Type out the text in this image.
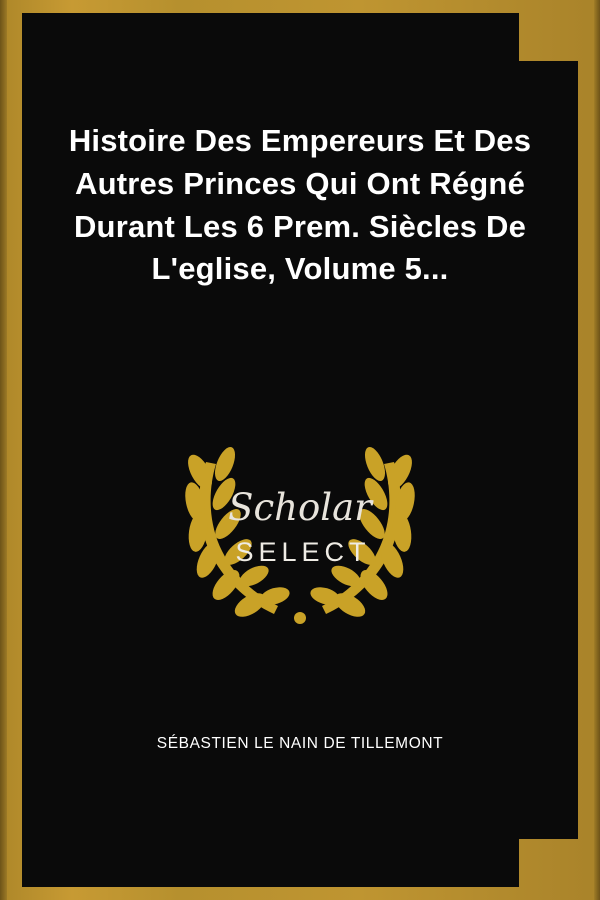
Histoire Des Empereurs Et Des Autres Princes Qui Ont Régné Durant Les 6 Prem. Siècles De L'eglise, Volume 5...
Scholar
SELECT
SÉBASTIEN LE NAIN DE TILLEMONT
